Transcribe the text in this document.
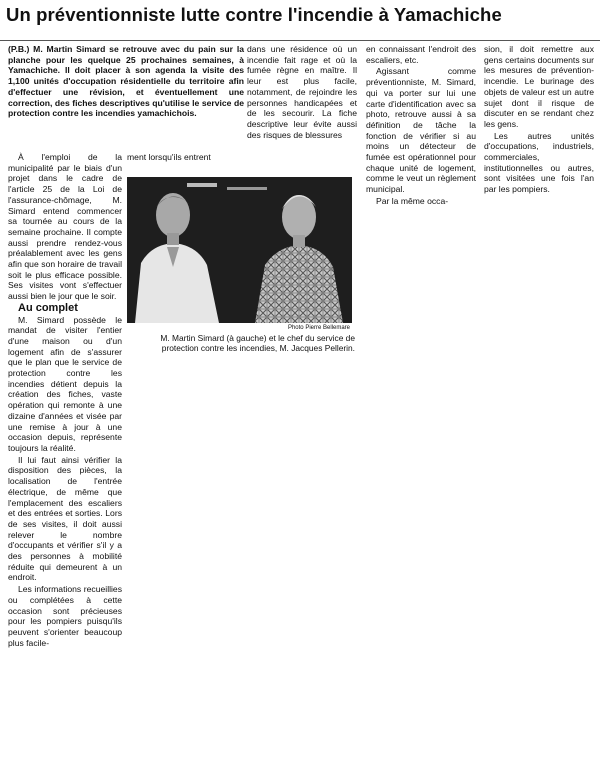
Un préventionniste lutte contre l'incendie à Yamachiche

(P.B.) M. Martin Simard se retrouve avec du pain sur la planche pour les quelque 25 prochaines semaines, à Yamachiche. Il doit placer à son agenda la visite des 1,100 unités d'occupation résidentielle du territoire afin d'effectuer une révision, et éventuellement une correction, des fiches descriptives qu'utilise le service de protection contre les incendies yamachichois.

À l'emploi de la municipalité par le biais d'un projet dans le cadre de l'article 25 de la Loi de l'assurance-chômage, M. Simard entend commencer sa tournée au cours de la semaine prochaine. Il compte aussi prendre rendez-vous préalablement avec les gens afin que son horaire de travail soit le plus efficace possible. Ses visites vont s'effectuer aussi bien le jour que le soir.

Au complet

M. Simard possède le mandat de visiter l'entier d'une maison ou d'un logement afin de s'assurer que le plan que le service de protection contre les incendies détient depuis la création des fiches, vaste opération qui remonte à une dizaine d'années et visée par une remise à jour à une occasion depuis, représente toujours la réalité.

Il lui faut ainsi vérifier la disposition des pièces, la localisation de l'entrée électrique, de même que l'emplacement des escaliers et des entrées et sorties. Lors de ses visites, il doit aussi relever le nombre d'occupants et vérifier s'il y a des personnes à mobilité réduite qui demeurent à un endroit.

Les informations recueillies ou complétées à cette occasion sont précieuses pour les pompiers puisqu'ils peuvent s'orienter beaucoup plus facile-

ment lorsqu'ils entrent

dans une résidence où un incendie fait rage et où la fumée règne en maître. Il leur est plus facile, notamment, de rejoindre les personnes handicapées et de les secourir. La fiche descriptive leur évite aussi des risques de blessures

en connaissant l'endroit des escaliers, etc.

Agissant comme préventionniste, M. Simard, qui va porter sur lui une carte d'identification avec sa photo, retrouve aussi à sa définition de tâche la fonction de vérifier si au moins un détecteur de fumée est opérationnel pour chaque unité de logement, comme le veut un règlement municipal.

Par la même occa-

sion, il doit remettre aux gens certains documents sur les mesures de prévention-incendie. Le burinage des objets de valeur est un autre sujet dont il risque de discuter en se rendant chez les gens.

Les autres unités d'occupations, industriels, commerciales, institutionnelles ou autres, sont visitées une fois l'an par les pompiers.

Photo Pierre Bellemare
M. Martin Simard (à gauche) et le chef du service de protection contre les incendies, M. Jacques Pellerin.
